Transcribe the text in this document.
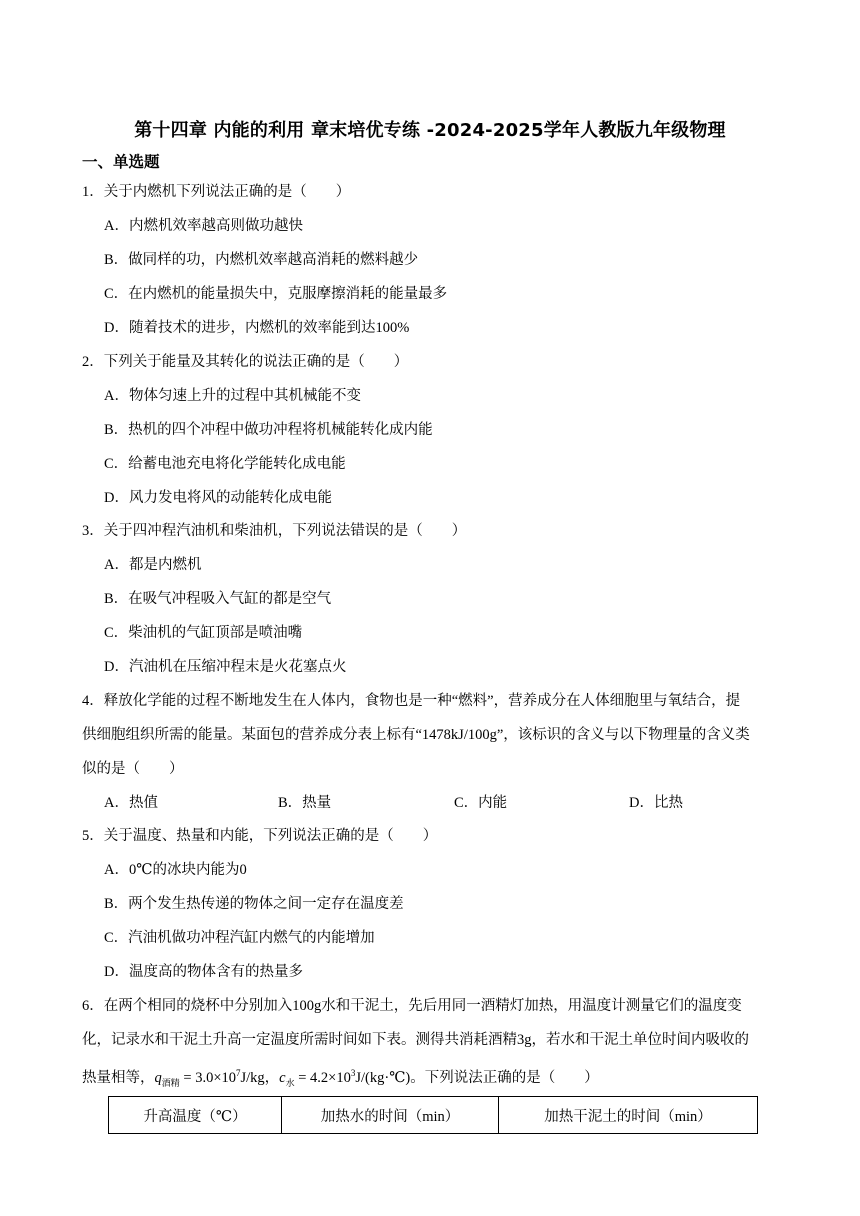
第十四章 内能的利用 章末培优专练 -2024-2025学年人教版九年级物理
一、单选题
1．关于内燃机下列说法正确的是（　　）
A．内燃机效率越高则做功越快
B．做同样的功，内燃机效率越高消耗的燃料越少
C．在内燃机的能量损失中，克服摩擦消耗的能量最多
D．随着技术的进步，内燃机的效率能到达100%
2．下列关于能量及其转化的说法正确的是（　　）
A．物体匀速上升的过程中其机械能不变
B．热机的四个冲程中做功冲程将机械能转化成内能
C．给蓄电池充电将化学能转化成电能
D．风力发电将风的动能转化成电能
3．关于四冲程汽油机和柴油机，下列说法错误的是（　　）
A．都是内燃机
B．在吸气冲程吸入气缸的都是空气
C．柴油机的气缸顶部是喷油嘴
D．汽油机在压缩冲程末是火花塞点火
4．释放化学能的过程不断地发生在人体内，食物也是一种“燃料”，营养成分在人体细胞里与氧结合，提
供细胞组织所需的能量。某面包的营养成分表上标有“1478kJ/100g”，该标识的含义与以下物理量的含义类
似的是（　　）
A．热值	B．热量	C．内能	D．比热
5．关于温度、热量和内能，下列说法正确的是（　　）
A．0℃的冰块内能为0
B．两个发生热传递的物体之间一定存在温度差
C．汽油机做功冲程汽缸内燃气的内能增加
D．温度高的物体含有的热量多
6．在两个相同的烧杯中分别加入100g水和干泥土，先后用同一酒精灯加热，用温度计测量它们的温度变
化，记录水和干泥土升高一定温度所需时间如下表。测得共消耗酒精3g，若水和干泥土单位时间内吸收的
热量相等，$q_{酒精} = 3.0\times 10^7J/kg$，$c_水$ = $4.2\times 10^3J/(kg\cdot℃)$。下列说法正确的是（　　）
升高温度（℃）	加热水的时间（min）	加热干泥土的时间（min）
